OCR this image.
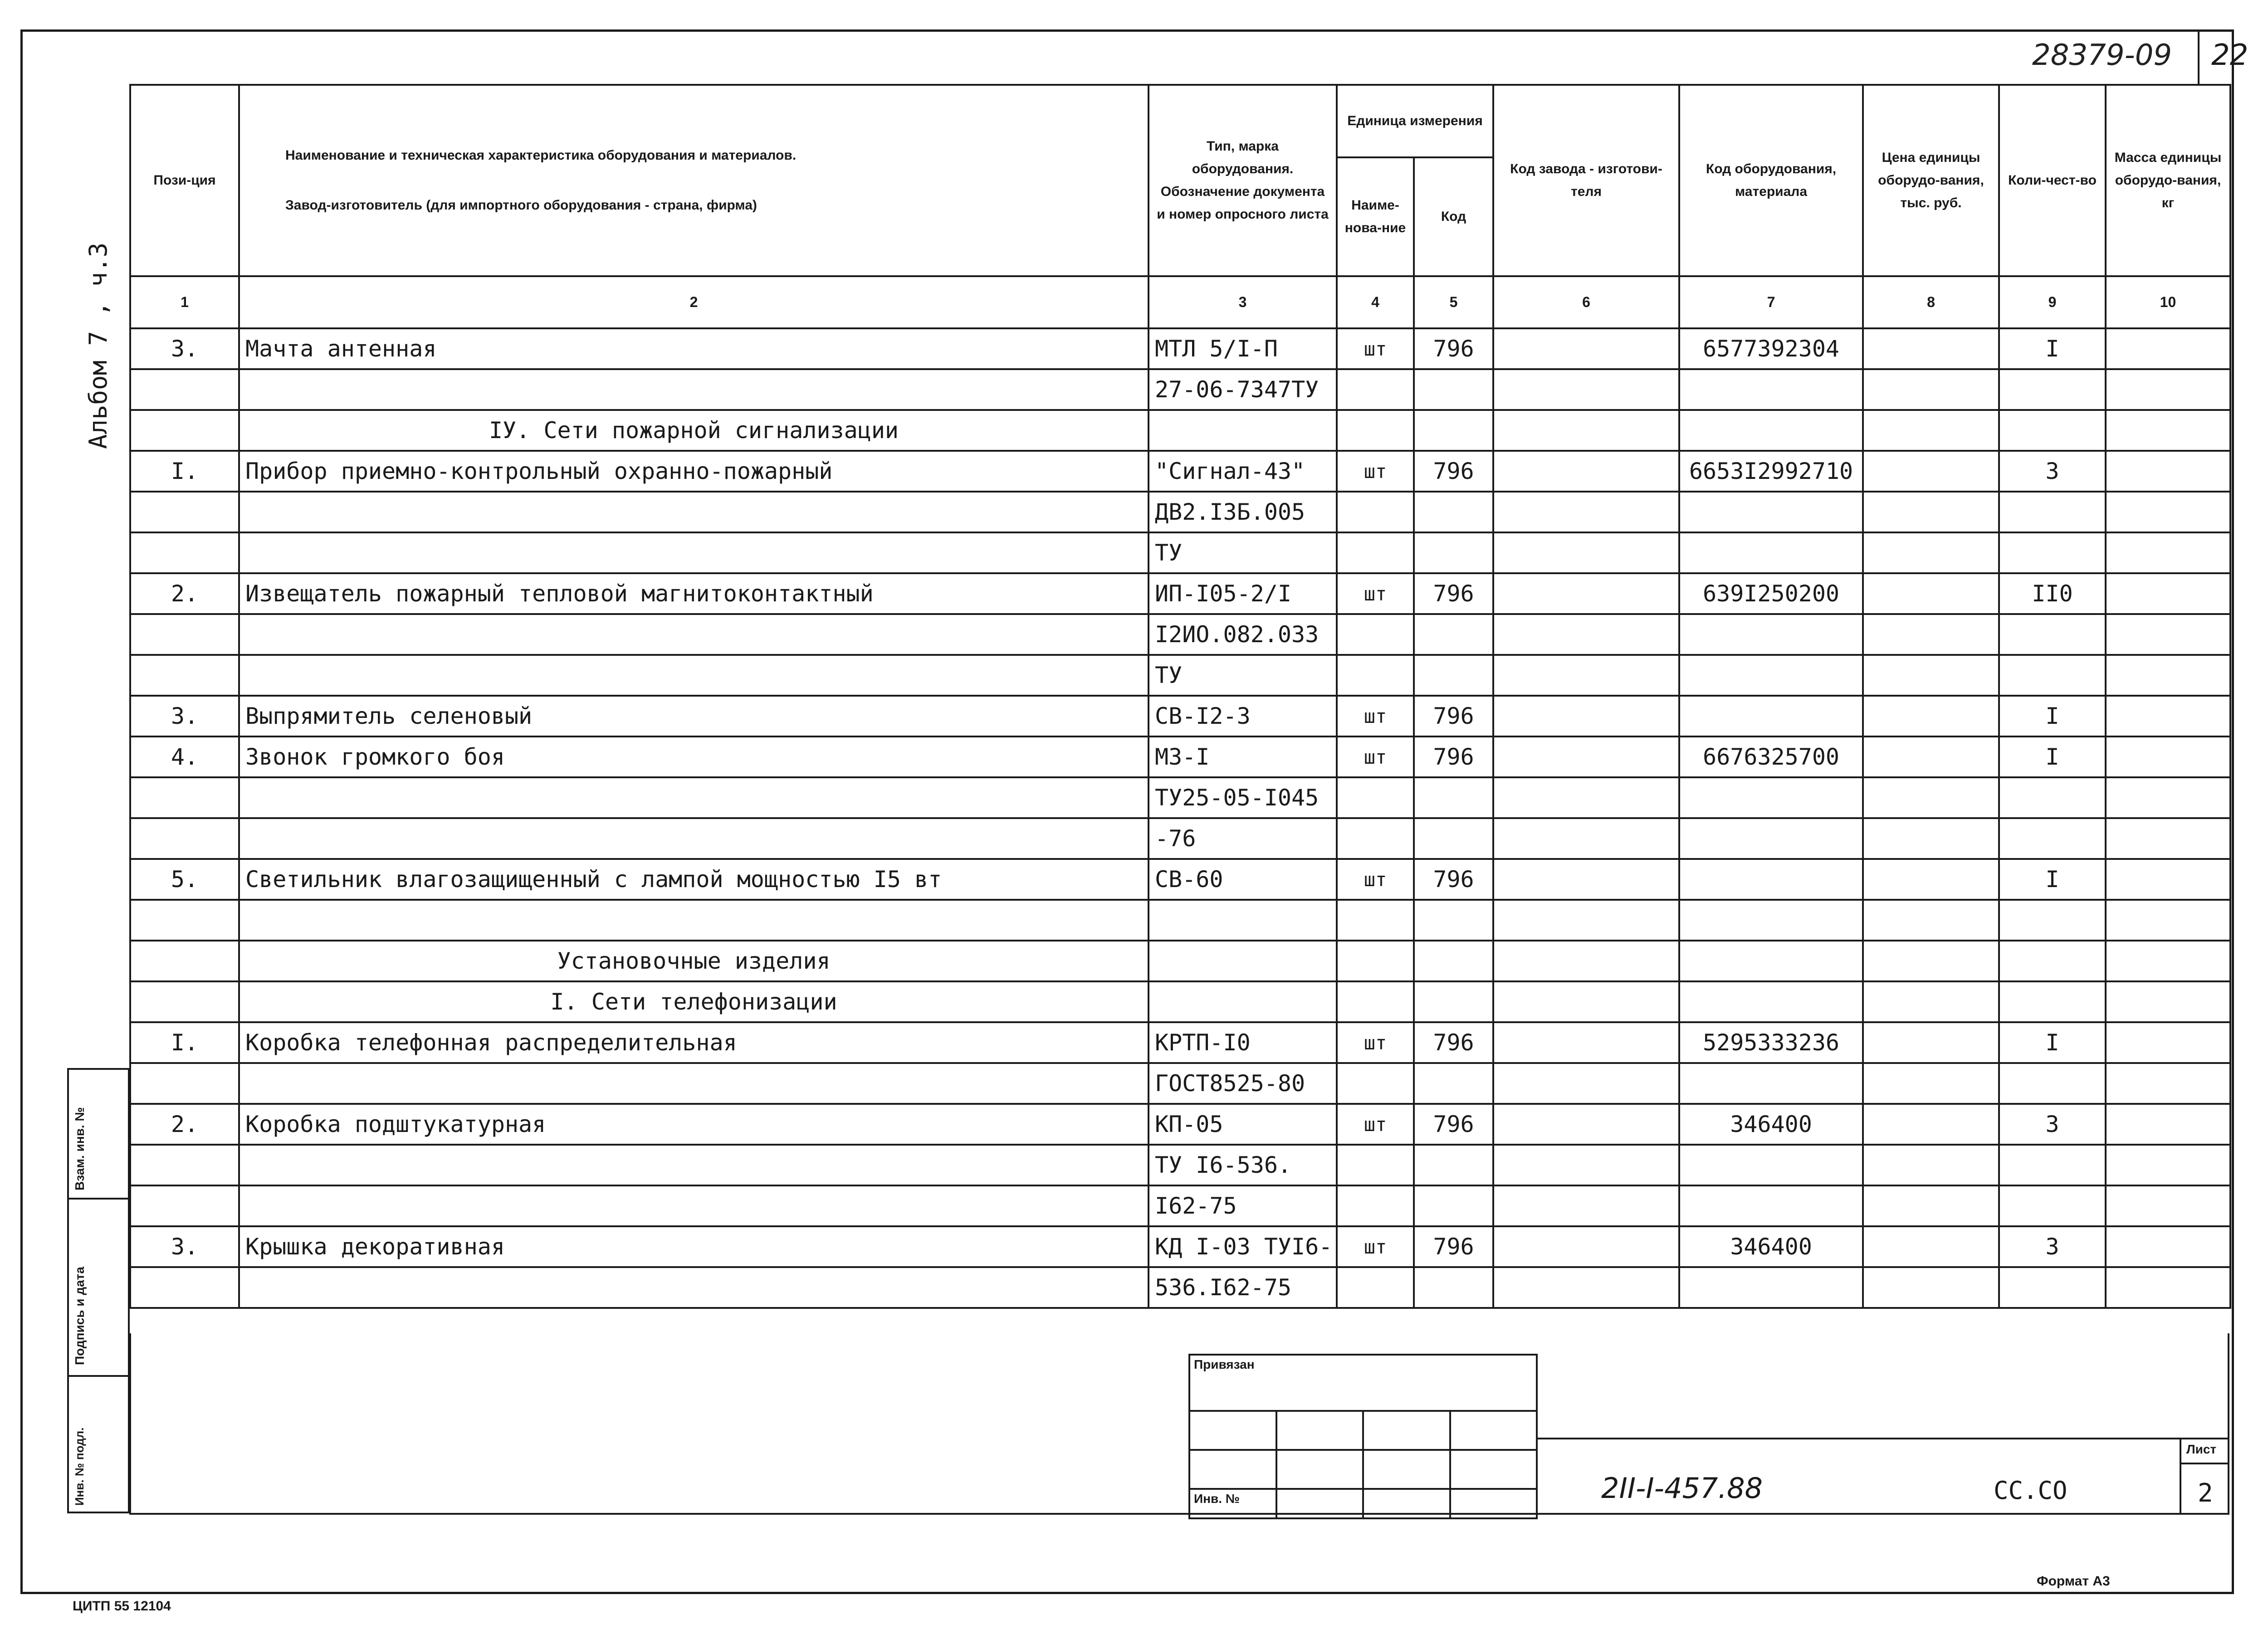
28379-09 22
Альбом 7 , ч.3
Пози-ция	Наименование и техническая характеристика оборудования и материалов.
Завод-изготовитель (для импортного оборудования - страна, фирма)	Тип, марка оборудования. Обозначение документа и номер опросного листа	Единица измерения		Код завода - изготови-теля	Код оборудования, материала	Цена единицы оборудо-вания, тыс. руб.	Коли-чест-во	Масса единицы оборудо-вания, кг
			Наиме-нова-ние	Код					
1	2	3	4	5	6	7	8	9	10
3.	Мачта антенная	МТЛ 5/I-П	шт	796		6577392304		I	
		27-06-7347ТУ							
	IУ. Сети пожарной сигнализации								
I.	Прибор приемно-контрольный охранно-пожарный	"Сигнал-43"	шт	796		6653I2992710		3	
		ДВ2.I3Б.005							
		ТУ							
2.	Извещатель пожарный тепловой магнитоконтактный	ИП-I05-2/I	шт	796		639I250200		II0	
		I2ИО.082.033							
		ТУ							
3.	Выпрямитель селеновый	СВ-I2-3	шт	796				I	
4.	Звонок громкого боя	МЗ-I	шт	796		6676325700		I	
		ТУ25-05-I045							
		-76							
5.	Светильник влагозащищенный с лампой мощностью I5 вт	СВ-60	шт	796				I	

	Установочные изделия								
	I. Сети телефонизации								
I.	Коробка телефонная распределительная	КРТП-I0	шт	796		5295333236		I	
		ГОСТ8525-80							
2.	Коробка подштукатурная	КП-05	шт	796		346400		3	
		ТУ I6-536.							
		I62-75							
3.	Крышка декоративная	КД I-03 ТУI6-	шт	796		346400		3	
		536.I62-75							
Взам. инв. №
Подпись и дата
Инв. № подл.
Привязан			

Инв. №				2II-I-457.88	СС.СО
Лист
2
Формат А3
ЦИТП 55 12104
